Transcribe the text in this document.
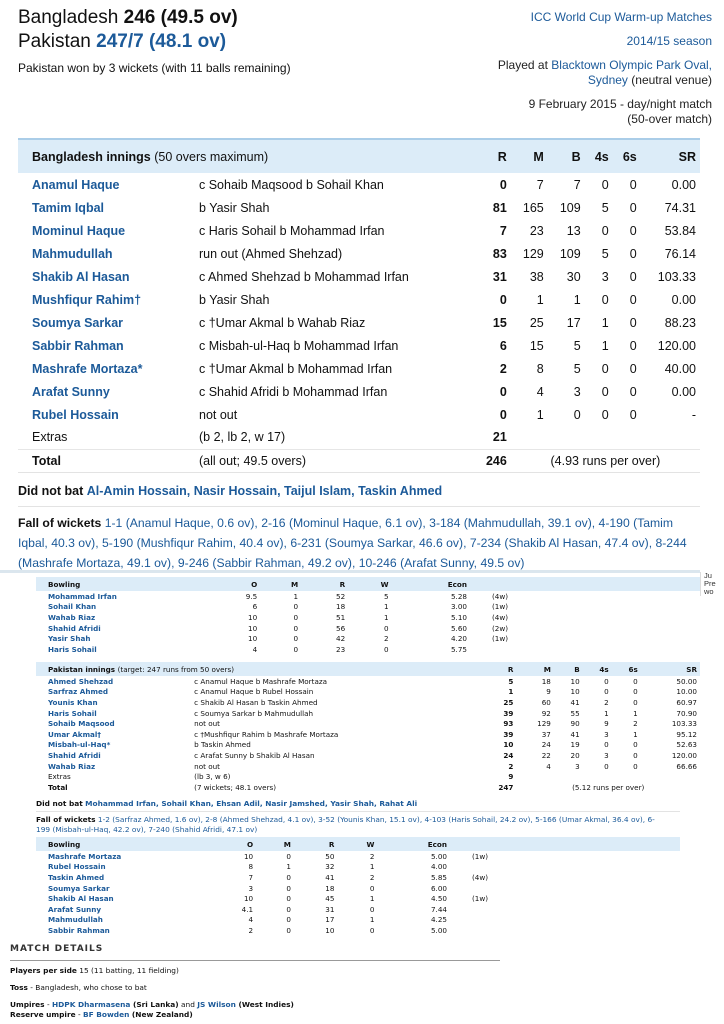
Bangladesh 246 (49.5 ov)
Pakistan 247/7 (48.1 ov)
Pakistan won by 3 wickets (with 11 balls remaining)
ICC World Cup Warm-up Matches
2014/15 season
Played at Blacktown Olympic Park Oval,
Sydney (neutral venue)
9 February 2015 - day/night match
(50-over match)
Bangladesh innings (50 overs maximum)		R	M	B	4s	6s	SR
Anamul Haque	c Sohaib Maqsood b Sohail Khan	0	7	7	0	0	0.00
Tamim Iqbal	b Yasir Shah	81	165	109	5	0	74.31
Mominul Haque	c Haris Sohail b Mohammad Irfan	7	23	13	0	0	53.84
Mahmudullah	run out (Ahmed Shehzad)	83	129	109	5	0	76.14
Shakib Al Hasan	c Ahmed Shehzad b Mohammad Irfan	31	38	30	3	0	103.33
Mushfiqur Rahim†	b Yasir Shah	0	1	1	0	0	0.00
Soumya Sarkar	c †Umar Akmal b Wahab Riaz	15	25	17	1	0	88.23
Sabbir Rahman	c Misbah-ul-Haq b Mohammad Irfan	6	15	5	1	0	120.00
Mashrafe Mortaza*	c †Umar Akmal b Mohammad Irfan	2	8	5	0	0	40.00
Arafat Sunny	c Shahid Afridi b Mohammad Irfan	0	4	3	0	0	0.00
Rubel Hossain	not out	0	1	0	0	0	-
Extras	(b 2, lb 2, w 17)	21					
Total	(all out; 49.5 overs)	246	(4.93 runs per over)				
Did not bat Al-Amin Hossain, Nasir Hossain, Taijul Islam, Taskin Ahmed
Fall of wickets 1-1 (Anamul Haque, 0.6 ov), 2-16 (Mominul Haque, 6.1 ov), 3-184 (Mahmudullah, 39.1 ov), 4-190 (Tamim Iqbal, 40.3 ov), 5-190 (Mushfiqur Rahim, 40.4 ov), 6-231 (Soumya Sarkar, 46.6 ov), 7-234 (Shakib Al Hasan, 47.4 ov), 8-244 (Mashrafe Mortaza, 49.1 ov), 9-246 (Sabbir Rahman, 49.2 ov), 10-246 (Arafat Sunny, 49.5 ov)
Ju
Pre
wo
Bowling	O	M	R	W	Econ	
Mohammad Irfan	9.5	1	52	5	5.28	(4w)
Sohail Khan	6	0	18	1	3.00	(1w)
Wahab Riaz	10	0	51	1	5.10	(4w)
Shahid Afridi	10	0	56	0	5.60	(2w)
Yasir Shah	10	0	42	2	4.20	(1w)
Haris Sohail	4	0	23	0	5.75	
Pakistan innings (target: 247 runs from 50 overs)		R	M	B	4s	6s	SR
Ahmed Shehzad	c Anamul Haque b Mashrafe Mortaza	5	18	10	0	0	50.00
Sarfraz Ahmed	c Anamul Haque b Rubel Hossain	1	9	10	0	0	10.00
Younis Khan	c Shakib Al Hasan b Taskin Ahmed	25	60	41	2	0	60.97
Haris Sohail	c Soumya Sarkar b Mahmudullah	39	92	55	1	1	70.90
Sohaib Maqsood	not out	93	129	90	9	2	103.33
Umar Akmal†	c †Mushfiqur Rahim b Mashrafe Mortaza	39	37	41	3	1	95.12
Misbah-ul-Haq*	b Taskin Ahmed	10	24	19	0	0	52.63
Shahid Afridi	c Arafat Sunny b Shakib Al Hasan	24	22	20	3	0	120.00
Wahab Riaz	not out	2	4	3	0	0	66.66
Extras	(lb 3, w 6)	9					
Total	(7 wickets; 48.1 overs)	247	(5.12 runs per over)				
Did not bat Mohammad Irfan, Sohail Khan, Ehsan Adil, Nasir Jamshed, Yasir Shah, Rahat Ali
Fall of wickets 1-2 (Sarfraz Ahmed, 1.6 ov), 2-8 (Ahmed Shehzad, 4.1 ov), 3-52 (Younis Khan, 15.1 ov), 4-103 (Haris Sohail, 24.2 ov), 5-166 (Umar Akmal, 36.4 ov), 6-199 (Misbah-ul-Haq, 42.2 ov), 7-240 (Shahid Afridi, 47.1 ov)
Bowling	O	M	R	W	Econ	
Mashrafe Mortaza	10	0	50	2	5.00	(1w)
Rubel Hossain	8	1	32	1	4.00	
Taskin Ahmed	7	0	41	2	5.85	(4w)
Soumya Sarkar	3	0	18	0	6.00	
Shakib Al Hasan	10	0	45	1	4.50	(1w)
Arafat Sunny	4.1	0	31	0	7.44	
Mahmudullah	4	0	17	1	4.25	
Sabbir Rahman	2	0	10	0	5.00	
MATCH DETAILS
Players per side 15 (11 batting, 11 fielding)
Toss - Bangladesh, who chose to bat
Umpires - HDPK Dharmasena (Sri Lanka) and JS Wilson (West Indies)
Reserve umpire - BF Bowden (New Zealand)
